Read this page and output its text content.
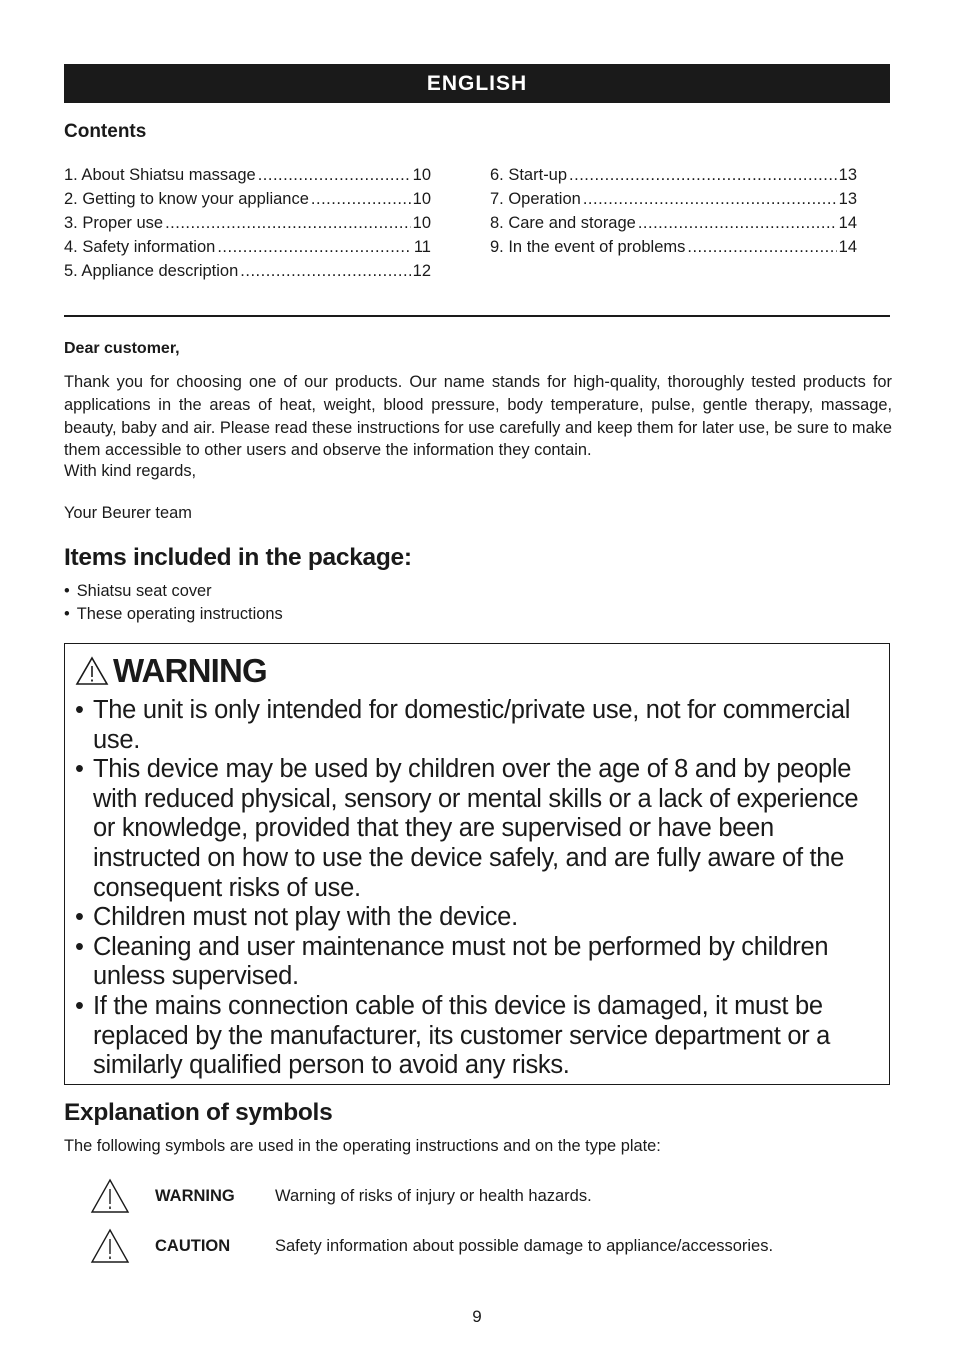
ENGLISH
Contents
1. About Shiatsu massage .....	10
2. Getting to know your appliance .....	10
3. Proper use .....	10
4. Safety information .....	11
5. Appliance description .....	12
6. Start-up .....	13
7. Operation .....	13
8. Care and storage .....	14
9. In the event of problems .....	14
Dear customer,

Thank you for choosing one of our products. Our name stands for high-quality, thoroughly tested products for applications in the areas of heat, weight, blood pressure, body temperature, pulse, gentle therapy, massage, beauty, baby and air. Please read these instructions for use carefully and keep them for later use, be sure to make them accessible to other users and observe the information they contain.

With kind regards,
Your Beurer team
Items included in the package:
• Shiatsu seat cover
• These operating instructions
WARNING
• The unit is only intended for domestic/private use, not for commercial use.
• This device may be used by children over the age of 8 and by people with reduced physical, sensory or mental skills or a lack of experience or knowledge, provided that they are supervised or have been instructed on how to use the device safely, and are fully aware of the consequent risks of use.
• Children must not play with the device.
• Cleaning and user maintenance must not be performed by children unless supervised.
• If the mains connection cable of this device is damaged, it must be replaced by the manufacturer, its customer service department or a similarly qualified person to avoid any risks.
Explanation of symbols
The following symbols are used in the operating instructions and on the type plate:
WARNING Warning of risks of injury or health hazards.
CAUTION	Safety information about possible damage to appliance/accessories.
9
